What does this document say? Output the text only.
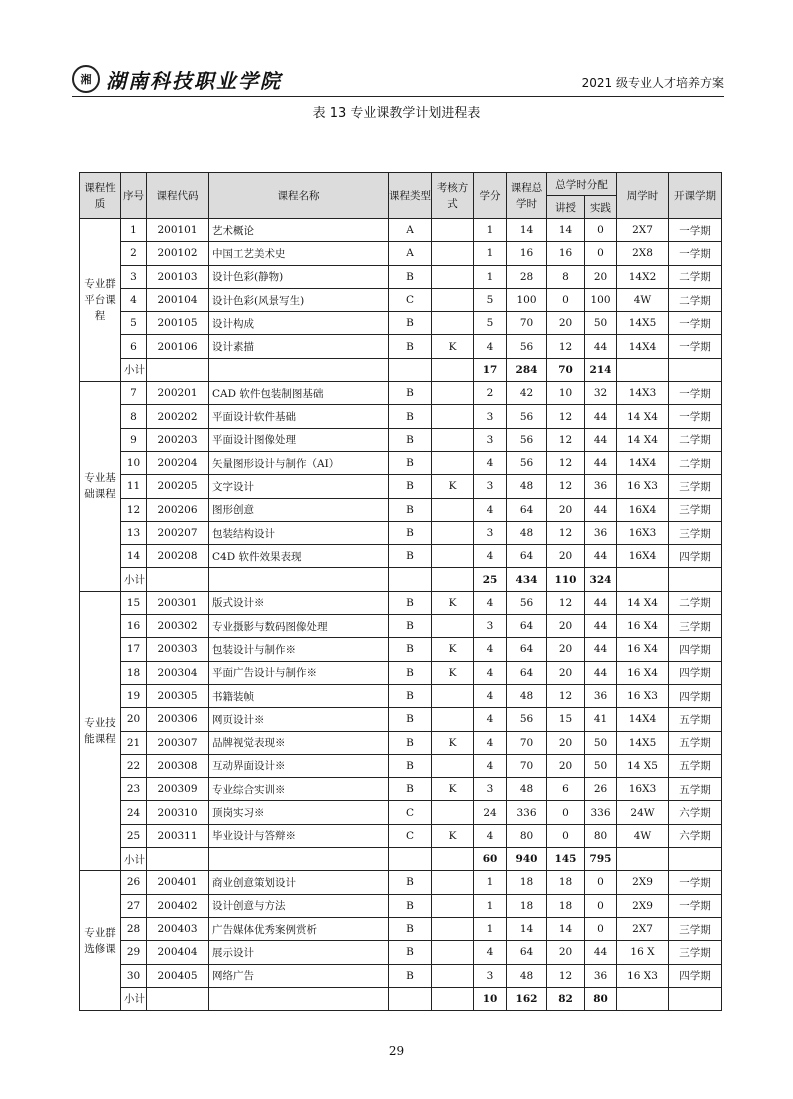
湘 湖南科技职业学院	2021 级专业人才培养方案
表 13 专业课教学计划进程表
课程性质	序号	课程代码	课程名称	课程类型	考核方式	学分	课程总学时	总学时分配		周学时	开课学期
								讲授	实践		
专业群平台课程	1	200101	艺术概论	A		1	14	14	0	2X7	一学期
	2	200102	中国工艺美术史	A		1	16	16	0	2X8	一学期
	3	200103	设计色彩(静物)	B		1	28	8	20	14X2	二学期
	4	200104	设计色彩(风景写生)	C		5	100	0	100	4W	二学期
	5	200105	设计构成	B		5	70	20	50	14X5	一学期
	6	200106	设计素描	B	K	4	56	12	44	14X4	一学期
	小计					17	284	70	214		
专业基础课程	7	200201	CAD 软件包装制图基础	B		2	42	10	32	14X3	一学期
	8	200202	平面设计软件基础	B		3	56	12	44	14 X4	一学期
	9	200203	平面设计图像处理	B		3	56	12	44	14 X4	二学期
	10	200204	矢量图形设计与制作（AI）	B		4	56	12	44	14X4	二学期
	11	200205	文字设计	B	K	3	48	12	36	16 X3	三学期
	12	200206	图形创意	B		4	64	20	44	16X4	三学期
	13	200207	包装结构设计	B		3	48	12	36	16X3	三学期
	14	200208	C4D 软件效果表现	B		4	64	20	44	16X4	四学期
	小计					25	434	110	324		
专业技能课程	15	200301	版式设计※	B	K	4	56	12	44	14 X4	二学期
	16	200302	专业摄影与数码图像处理	B		3	64	20	44	16 X4	三学期
	17	200303	包装设计与制作※	B	K	4	64	20	44	16 X4	四学期
	18	200304	平面广告设计与制作※	B	K	4	64	20	44	16 X4	四学期
	19	200305	书籍装帧	B		4	48	12	36	16 X3	四学期
	20	200306	网页设计※	B		4	56	15	41	14X4	五学期
	21	200307	品牌视觉表现※	B	K	4	70	20	50	14X5	五学期
	22	200308	互动界面设计※	B		4	70	20	50	14 X5	五学期
	23	200309	专业综合实训※	B	K	3	48	6	26	16X3	五学期
	24	200310	顶岗实习※	C		24	336	0	336	24W	六学期
	25	200311	毕业设计与答辩※	C	K	4	80	0	80	4W	六学期
	小计					60	940	145	795		
专业群选修课	26	200401	商业创意策划设计	B		1	18	18	0	2X9	一学期
	27	200402	设计创意与方法	B		1	18	18	0	2X9	一学期
	28	200403	广告媒体优秀案例赏析	B		1	14	14	0	2X7	三学期
	29	200404	展示设计	B		4	64	20	44	16 X	三学期
	30	200405	网络广告	B		3	48	12	36	16 X3	四学期
	小计					10	162	82	80		
29
